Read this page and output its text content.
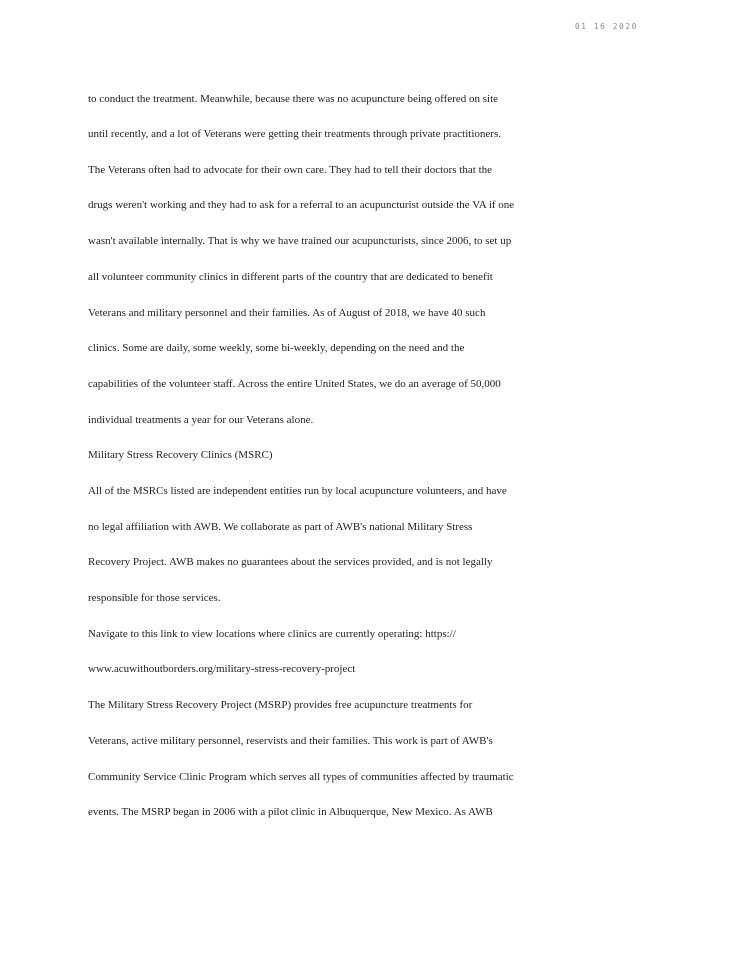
01 16 2020
to conduct the treatment. Meanwhile, because there was no acupuncture being offered on site
until recently, and a lot of Veterans were getting their treatments through private practitioners.
The Veterans often had to advocate for their own care. They had to tell their doctors that the
drugs weren't working and they had to ask for a referral to an acupuncturist outside the VA if one
wasn't available internally. That is why we have trained our acupuncturists, since 2006, to set up
all volunteer community clinics in different parts of the country that are dedicated to benefit
Veterans and military personnel and their families. As of August of 2018, we have 40 such
clinics. Some are daily, some weekly, some bi-weekly, depending on the need and the
capabilities of the volunteer staff. Across the entire United States, we do an average of 50,000
individual treatments a year for our Veterans alone.
Military Stress Recovery Clinics (MSRC)
All of the MSRCs listed are independent entities run by local acupuncture volunteers, and have
no legal affiliation with AWB. We collaborate as part of AWB's national Military Stress
Recovery Project. AWB makes no guarantees about the services provided, and is not legally
responsible for those services.
Navigate to this link to view locations where clinics are currently operating: https://
www.acuwithoutborders.org/military-stress-recovery-project
The Military Stress Recovery Project (MSRP) provides free acupuncture treatments for
Veterans, active military personnel, reservists and their families. This work is part of AWB's
Community Service Clinic Program which serves all types of communities affected by traumatic
events. The MSRP began in 2006 with a pilot clinic in Albuquerque, New Mexico. As AWB
